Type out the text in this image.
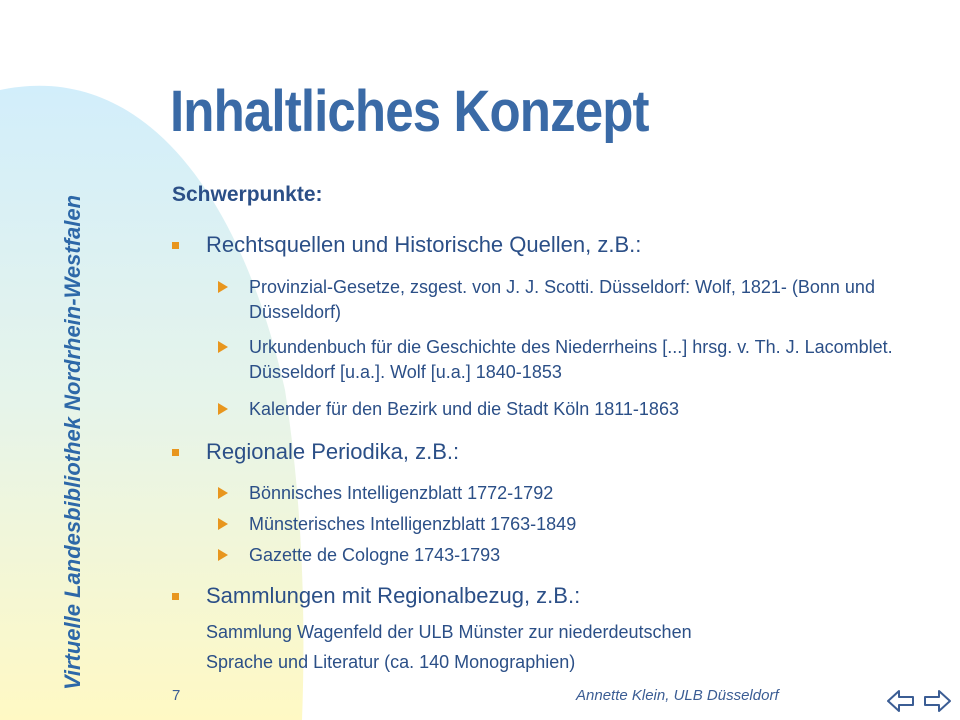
Virtuelle Landesbibliothek Nordrhein-Westfalen
Inhaltliches Konzept
Schwerpunkte:
Rechtsquellen und Historische Quellen, z.B.:
Provinzial-Gesetze, zsgest. von J. J. Scotti. Düsseldorf: Wolf, 1821- (Bonn und Düsseldorf)
Urkundenbuch für die Geschichte des Niederrheins [...] hrsg. v. Th. J. Lacomblet. Düsseldorf [u.a.]. Wolf [u.a.] 1840-1853
Kalender für den Bezirk und die Stadt Köln 1811-1863
Regionale Periodika, z.B.:
Bönnisches Intelligenzblatt 1772-1792
Münsterisches Intelligenzblatt 1763-1849
Gazette de Cologne 1743-1793
Sammlungen mit Regionalbezug, z.B.:
Sammlung Wagenfeld der ULB Münster zur niederdeutschen
Sprache und Literatur (ca. 140 Monographien)
7	Annette Klein, ULB Düsseldorf
